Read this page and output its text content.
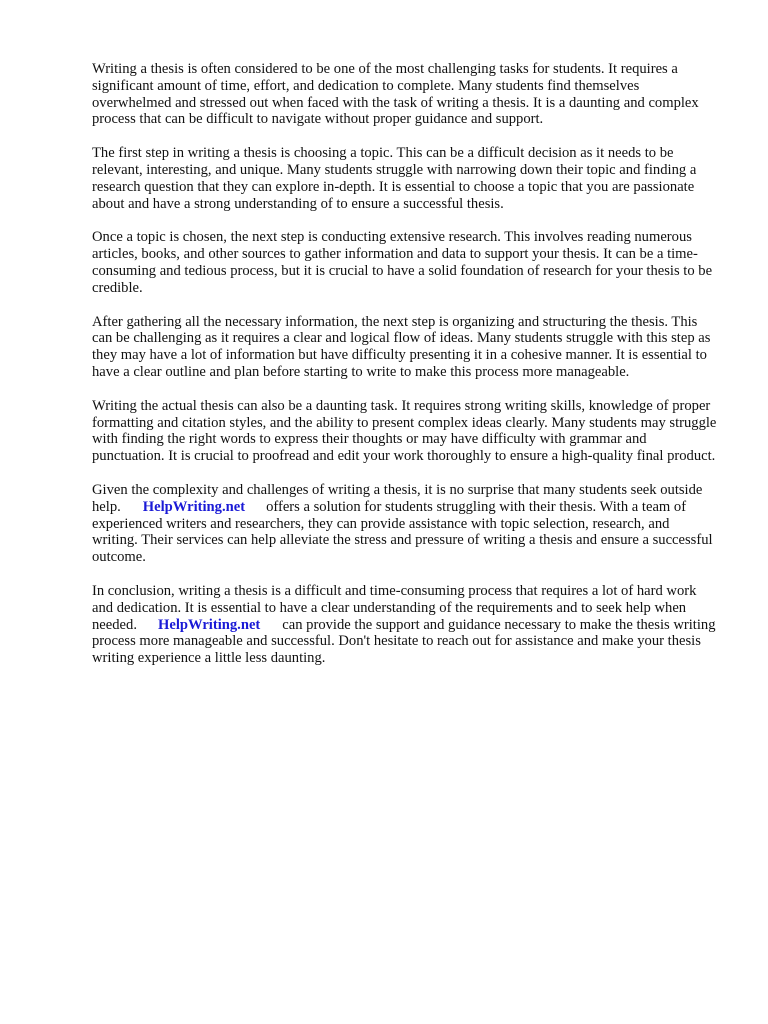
Writing a thesis is often considered to be one of the most challenging tasks for students. It requires a significant amount of time, effort, and dedication to complete. Many students find themselves overwhelmed and stressed out when faced with the task of writing a thesis. It is a daunting and complex process that can be difficult to navigate without proper guidance and support.

The first step in writing a thesis is choosing a topic. This can be a difficult decision as it needs to be relevant, interesting, and unique. Many students struggle with narrowing down their topic and finding a research question that they can explore in-depth. It is essential to choose a topic that you are passionate about and have a strong understanding of to ensure a successful thesis.

Once a topic is chosen, the next step is conducting extensive research. This involves reading numerous articles, books, and other sources to gather information and data to support your thesis. It can be a time-consuming and tedious process, but it is crucial to have a solid foundation of research for your thesis to be credible.

After gathering all the necessary information, the next step is organizing and structuring the thesis. This can be challenging as it requires a clear and logical flow of ideas. Many students struggle with this step as they may have a lot of information but have difficulty presenting it in a cohesive manner. It is essential to have a clear outline and plan before starting to write to make this process more manageable.

Writing the actual thesis can also be a daunting task. It requires strong writing skills, knowledge of proper formatting and citation styles, and the ability to present complex ideas clearly. Many students may struggle with finding the right words to express their thoughts or may have difficulty with grammar and punctuation. It is crucial to proofread and edit your work thoroughly to ensure a high-quality final product.

Given the complexity and challenges of writing a thesis, it is no surprise that many students seek outside help. HelpWriting.net offers a solution for students struggling with their thesis. With a team of experienced writers and researchers, they can provide assistance with topic selection, research, and writing. Their services can help alleviate the stress and pressure of writing a thesis and ensure a successful outcome.

In conclusion, writing a thesis is a difficult and time-consuming process that requires a lot of hard work and dedication. It is essential to have a clear understanding of the requirements and to seek help when needed. HelpWriting.net can provide the support and guidance necessary to make the thesis writing process more manageable and successful. Don't hesitate to reach out for assistance and make your thesis writing experience a little less daunting.
